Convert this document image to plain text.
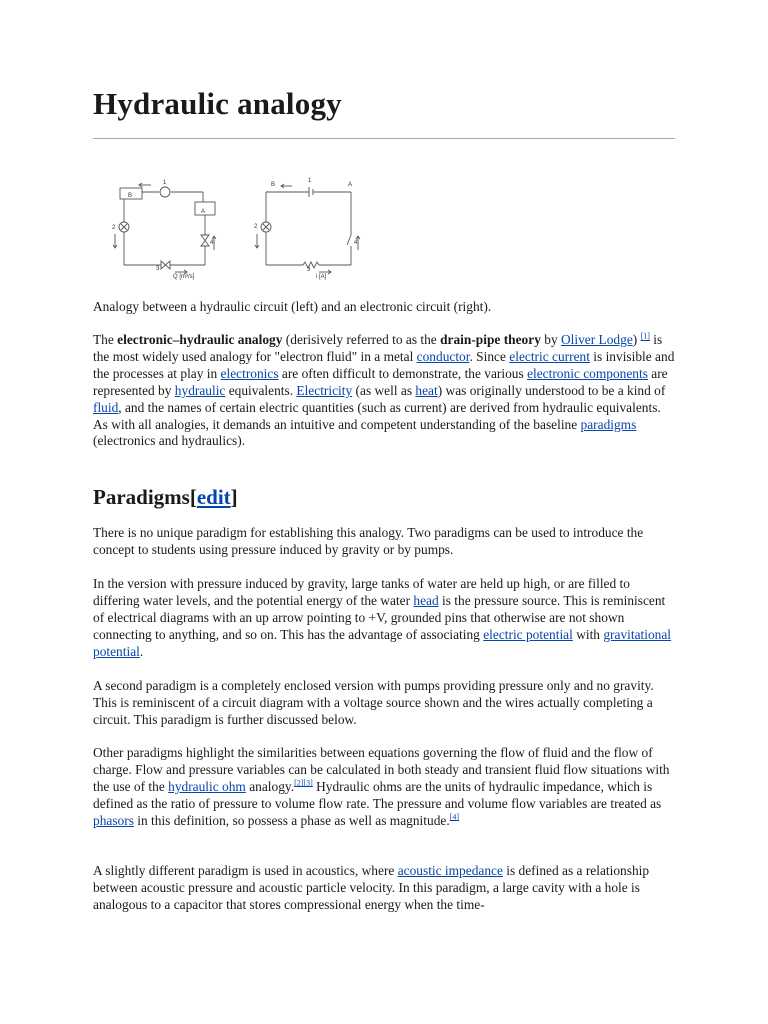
Hydraulic analogy
B
A
1
2
3
4
Q [m³/s]
B	A
1
2
3
4
i [A]

Analogy between a hydraulic circuit (left) and an electronic circuit (right).

The electronic–hydraulic analogy (derisively referred to as the drain-pipe theory by Oliver Lodge) [1] is the most widely used analogy for "electron fluid" in a metal conductor. Since electric current is invisible and the processes at play in electronics are often difficult to demonstrate, the various electronic components are represented by hydraulic equivalents. Electricity (as well as heat) was originally understood to be a kind of fluid, and the names of certain electric quantities (such as current) are derived from hydraulic equivalents. As with all analogies, it demands an intuitive and competent understanding of the baseline paradigms (electronics and hydraulics).

Paradigms[edit]

There is no unique paradigm for establishing this analogy. Two paradigms can be used to introduce the concept to students using pressure induced by gravity or by pumps.

In the version with pressure induced by gravity, large tanks of water are held up high, or are filled to differing water levels, and the potential energy of the water head is the pressure source. This is reminiscent of electrical diagrams with an up arrow pointing to +V, grounded pins that otherwise are not shown connecting to anything, and so on. This has the advantage of associating electric potential with gravitational potential.

A second paradigm is a completely enclosed version with pumps providing pressure only and no gravity. This is reminiscent of a circuit diagram with a voltage source shown and the wires actually completing a circuit. This paradigm is further discussed below.

Other paradigms highlight the similarities between equations governing the flow of fluid and the flow of charge. Flow and pressure variables can be calculated in both steady and transient fluid flow situations with the use of the hydraulic ohm analogy.[2][3] Hydraulic ohms are the units of hydraulic impedance, which is defined as the ratio of pressure to volume flow rate. The pressure and volume flow variables are treated as phasors in this definition, so possess a phase as well as magnitude.[4]

A slightly different paradigm is used in acoustics, where acoustic impedance is defined as a relationship between acoustic pressure and acoustic particle velocity. In this paradigm, a large cavity with a hole is analogous to a capacitor that stores compressional energy when the time-
